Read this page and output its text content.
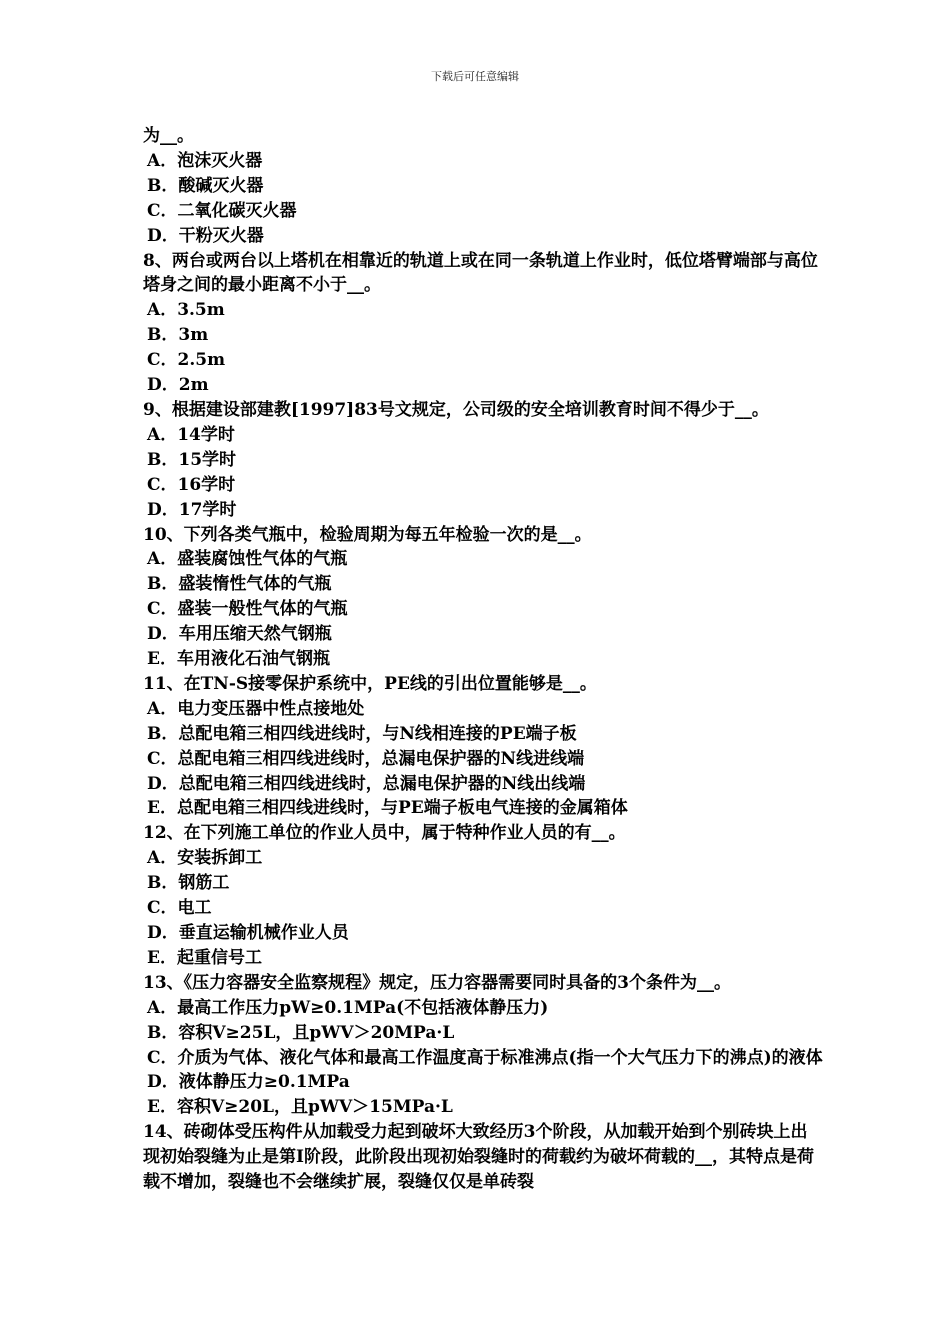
下载后可任意编辑
为__。
A．泡沫灭火器
B．酸碱灭火器
C．二氧化碳灭火器
D．干粉灭火器
8、两台或两台以上塔机在相靠近的轨道上或在同一条轨道上作业时，低位塔臂端部与高位塔身之间的最小距离不小于__。
A．3.5m
B．3m
C．2.5m
D．2m
9、根据建设部建教[1997]83号文规定，公司级的安全培训教育时间不得少于__。
A．14学时
B．15学时
C．16学时
D．17学时
10、下列各类气瓶中，检验周期为每五年检验一次的是__。
A．盛装腐蚀性气体的气瓶
B．盛装惰性气体的气瓶
C．盛装一般性气体的气瓶
D．车用压缩天然气钢瓶
E．车用液化石油气钢瓶
11、在TN-S接零保护系统中，PE线的引出位置能够是__。
A．电力变压器中性点接地处
B．总配电箱三相四线进线时，与N线相连接的PE端子板
C．总配电箱三相四线进线时，总漏电保护器的N线进线端
D．总配电箱三相四线进线时，总漏电保护器的N线出线端
E．总配电箱三相四线进线时，与PE端子板电气连接的金属箱体
12、在下列施工单位的作业人员中，属于特种作业人员的有__。
A．安装拆卸工
B．钢筋工
C．电工
D．垂直运输机械作业人员
E．起重信号工
13、《压力容器安全监察规程》规定，压力容器需要同时具备的3个条件为__。
A．最高工作压力pW≥0.1MPa(不包括液体静压力)
B．容积V≥25L，且pWV＞20MPa·L
C．介质为气体、液化气体和最高工作温度高于标准沸点(指一个大气压力下的沸点)的液体
D．液体静压力≥0.1MPa
E．容积V≥20L，且pWV＞15MPa·L
14、砖砌体受压构件从加载受力起到破坏大致经历3个阶段，从加载开始到个别砖块上出现初始裂缝为止是第Ⅰ阶段，此阶段出现初始裂缝时的荷载约为破坏荷载的__，其特点是荷载不增加，裂缝也不会继续扩展，裂缝仅仅是单砖裂
